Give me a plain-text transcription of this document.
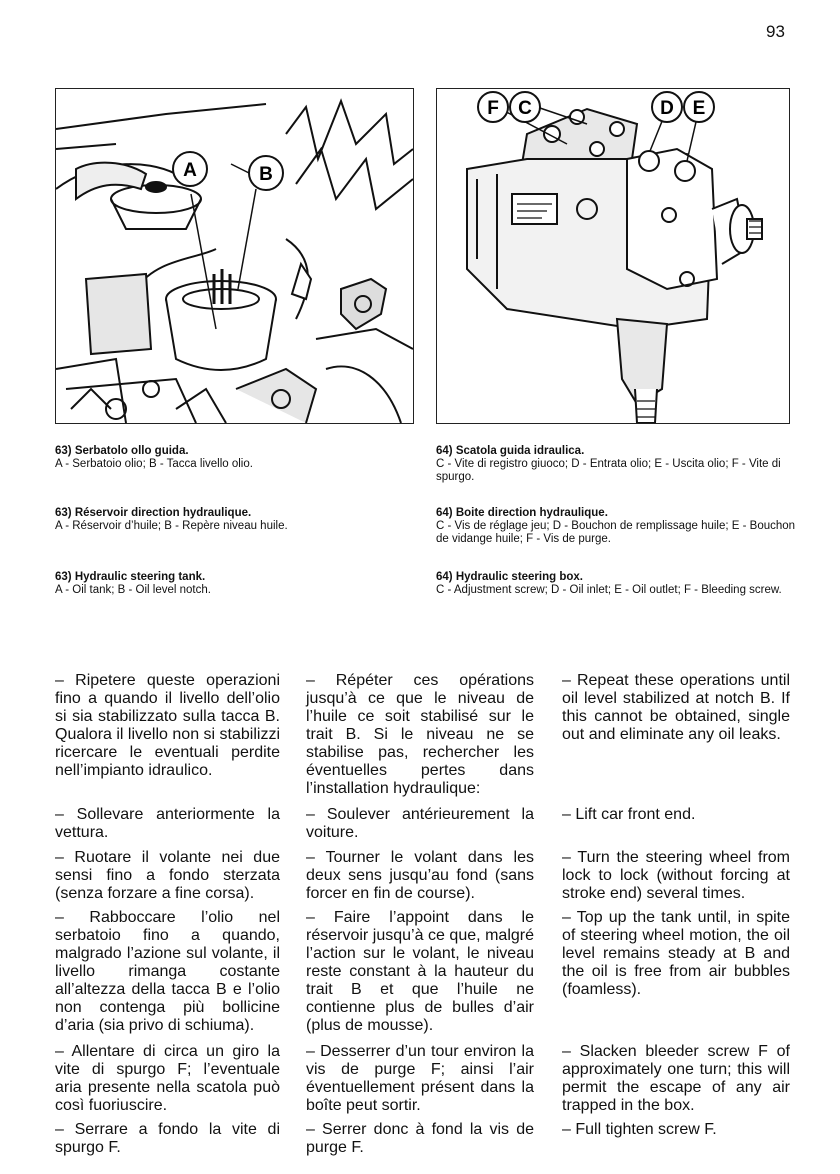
93
A	B
F C	D E
63) Serbatolo ollo guida.
A - Serbatoio olio; B - Tacca livello olio.
63) Réservoir direction hydraulique.
A - Réservoir d’huile; B - Repère niveau huile.
63) Hydraulic steering tank.
A - Oil tank; B - Oil level notch.
64) Scatola guida idraulica.
C - Vite di registro giuoco; D - Entrata olio; E - Uscita olio; F - Vite di spurgo.
64) Boite direction hydraulique.
C - Vis de réglage jeu; D - Bouchon de remplissage huile; E - Bouchon de vidange huile; F - Vis de purge.
64) Hydraulic steering box.
C - Adjustment screw; D - Oil inlet; E - Oil outlet; F - Bleeding screw.

– Ripetere queste operazioni fino a quando il livello dell’olio si sia stabilizzato sulla tacca B. Qualora il livello non si stabilizzi ricercare le eventuali perdite nell’impianto idraulico.

– Sollevare anteriormente la vettura.

– Ruotare il volante nei due sensi fino a fondo sterzata (senza forzare a fine corsa).

– Rabboccare l’olio nel serbatoio fino a quando, malgrado l’azione sul volante, il livello rimanga costante all’altezza della tacca B e l’olio non contenga più bollicine d’aria (sia privo di schiuma).

– Allentare di circa un giro la vite di spurgo F; l’eventuale aria presente nella scatola può così fuoriuscire.

– Serrare a fondo la vite di spurgo F.

– Répéter ces opérations jusqu’à ce que le niveau de l’huile ce soit stabilisé sur le trait B. Si le niveau ne se stabilise pas, rechercher les éventuelles pertes dans l’installation hydraulique:

– Soulever antérieurement la voiture.

– Tourner le volant dans les deux sens jusqu’au fond (sans forcer en fin de course).

– Faire l’appoint dans le réservoir jusqu’à ce que, malgré l’action sur le volant, le niveau reste constant à la hauteur du trait B et que l’huile ne contienne plus de bulles d’air (plus de mousse).

– Desserrer d’un tour environ la vis de purge F; ainsi l’air éventuellement présent dans la boîte peut sortir.

– Serrer donc à fond la vis de purge F.

– Repeat these operations until oil level stabilized at notch B. If this cannot be obtained, single out and eliminate any oil leaks.

– Lift car front end.

– Turn the steering wheel from lock to lock (without forcing at stroke end) several times.

– Top up the tank until, in spite of steering wheel motion, the oil level remains steady at B and the oil is free from air bubbles (foamless).

– Slacken bleeder screw F of approximately one turn; this will permit the escape of any air trapped in the box.

– Full tighten screw F.
